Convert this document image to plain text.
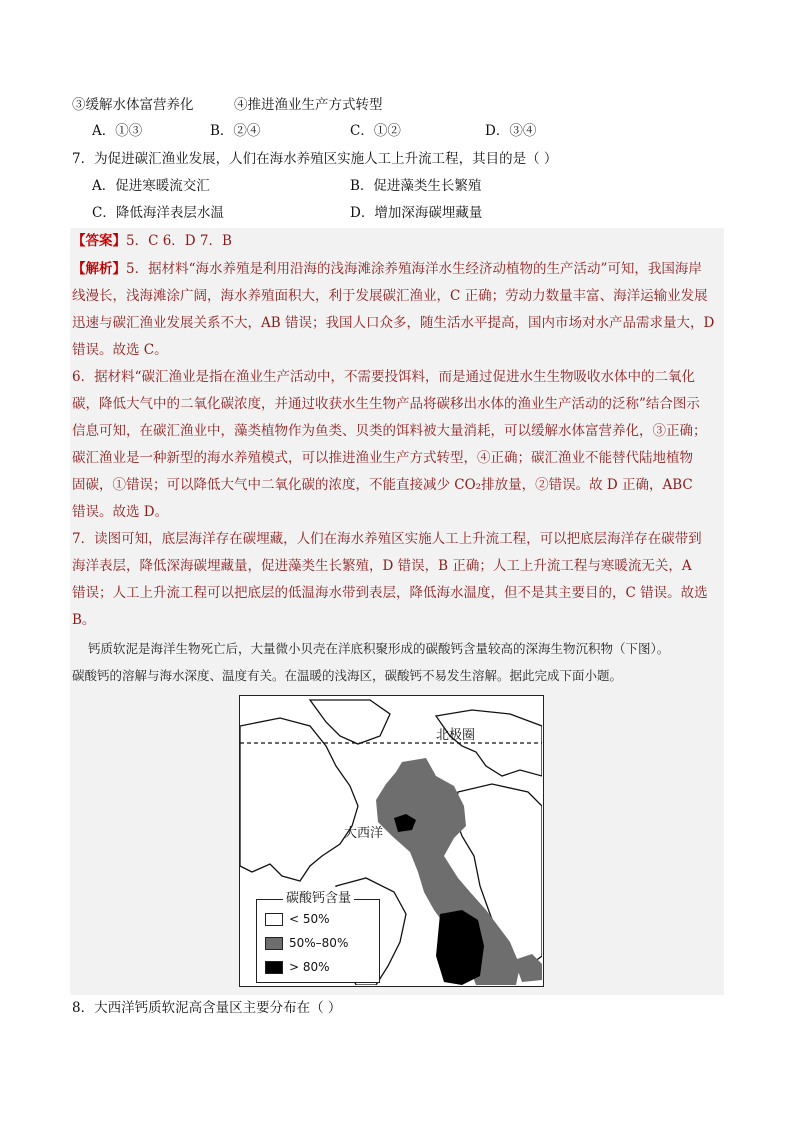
③缓解水体富营养化	④推进渔业生产方式转型
A．①③	B．②④	C．①②	D．③④
7．为促进碳汇渔业发展，人们在海水养殖区实施人工上升流工程，其目的是（ ）
A．促进寒暖流交汇	B．促进藻类生长繁殖
C．降低海洋表层水温	D．增加深海碳埋藏量
【答案】5．C 6．D 7．B
【解析】5．据材料“海水养殖是利用沿海的浅海滩涂养殖海洋水生经济动植物的生产活动”可知，我国海岸
线漫长，浅海滩涂广阔，海水养殖面积大，利于发展碳汇渔业，C 正确；劳动力数量丰富、海洋运输业发展
迅速与碳汇渔业发展关系不大，AB 错误；我国人口众多，随生活水平提高，国内市场对水产品需求量大，D
错误。故选 C。
6．据材料“碳汇渔业是指在渔业生产活动中，不需要投饵料，而是通过促进水生生物吸收水体中的二氧化
碳，降低大气中的二氧化碳浓度，并通过收获水生生物产品将碳移出水体的渔业生产活动的泛称”结合图示
信息可知，在碳汇渔业中，藻类植物作为鱼类、贝类的饵料被大量消耗，可以缓解水体富营养化，③正确；
碳汇渔业是一种新型的海水养殖模式，可以推进渔业生产方式转型，④正确；碳汇渔业不能替代陆地植物
固碳，①错误；可以降低大气中二氧化碳的浓度，不能直接减少 CO₂排放量，②错误。故 D 正确，ABC
错误。故选 D。
7．读图可知，底层海洋存在碳埋藏，人们在海水养殖区实施人工上升流工程，可以把底层海洋存在碳带到
海洋表层，降低深海碳埋藏量，促进藻类生长繁殖，D 错误，B 正确；人工上升流工程与寒暖流无关，A
错误；人工上升流工程可以把底层的低温海水带到表层，降低海水温度，但不是其主要目的，C 错误。故选
B。
钙质软泥是海洋生物死亡后，大量微小贝壳在洋底积聚形成的碳酸钙含量较高的深海生物沉积物（下图）。
碳酸钙的溶解与海水深度、温度有关。在温暖的浅海区，碳酸钙不易发生溶解。据此完成下面小题。
北极圈
大西洋
碳酸钙含量
< 50%
50%–80%
> 80%
8．大西洋钙质软泥高含量区主要分布在（ ）
